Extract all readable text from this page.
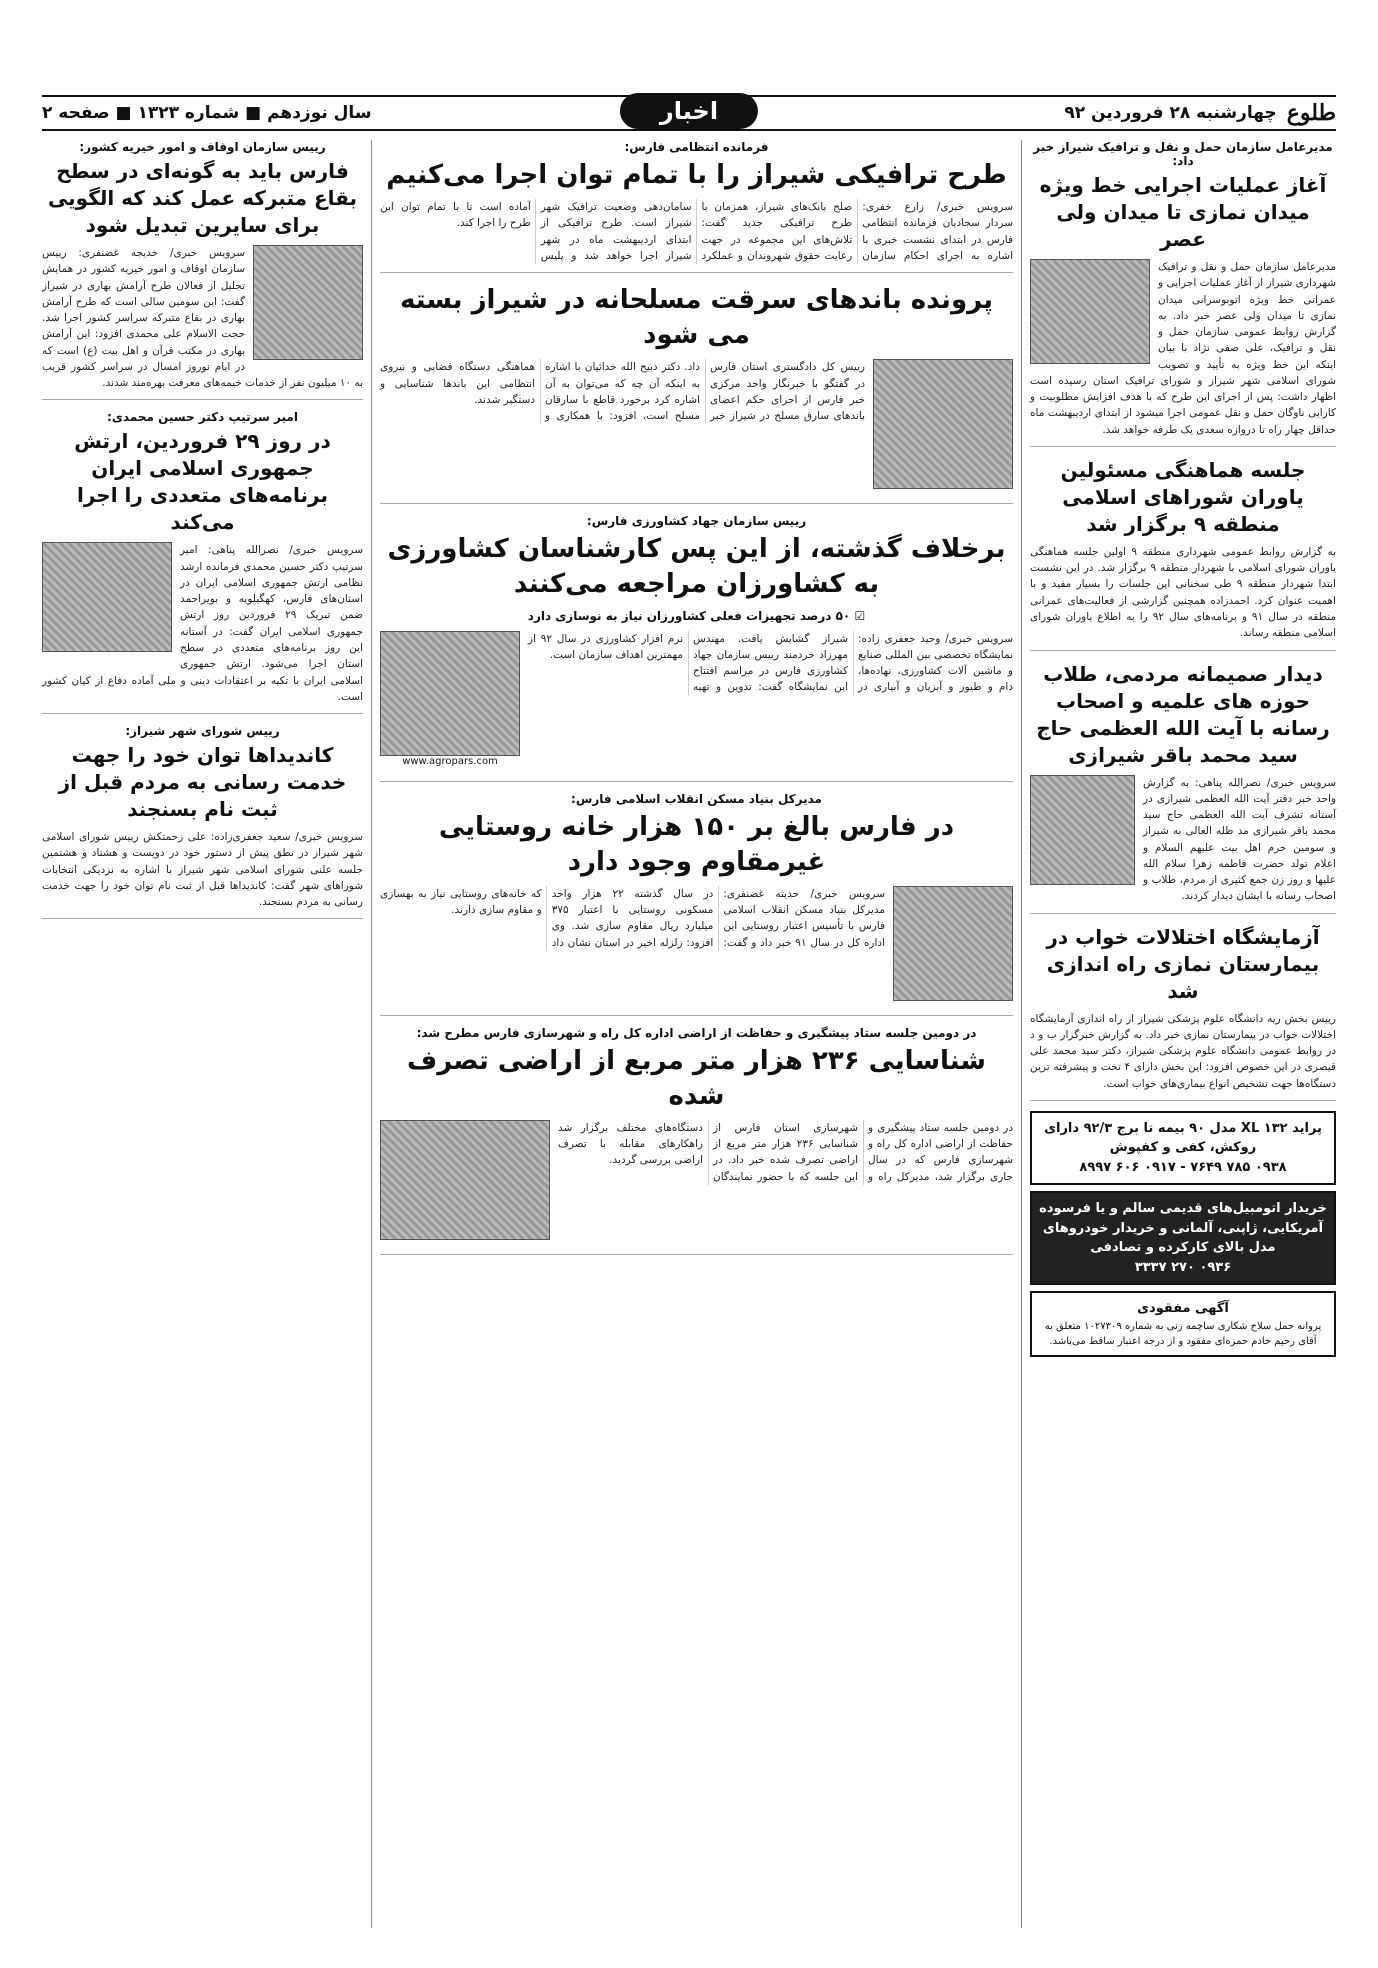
طلوع
چهارشنبه ۲۸ فروردین ۹۲
اخبار
سال نوزدهم ■ شماره ۱۳۲۳ ■ صفحه ۲
مدیرعامل سازمان حمل و نقل و ترافیک شیراز خبر داد:
آغاز عملیات اجرایی خط ویژه میدان نمازی تا میدان ولی عصر
مدیرعامل سازمان حمل و نقل و ترافیک شهرداری شیراز از آغاز عملیات اجرایی و عمرانی خط ویژه اتوبوسرانی میدان نمازی تا میدان ولی عصر خبر داد. به گزارش روابط عمومی سازمان حمل و نقل و ترافیک، علی صفی نژاد با بیان اینکه این خط ویژه به تأیید و تصویب شورای اسلامی شهر شیراز و شورای ترافیک استان رسیده است اظهار داشت: پس از اجرای این طرح که با هدف افزایش مطلوبیت و کارایی ناوگان حمل و نقل عمومی اجرا میشود از ابتدای اردیبهشت ماه حداقل چهار راه تا دروازه سعدی یک طرفه خواهد شد.
جلسه هماهنگی مسئولین یاوران شوراهای اسلامی منطقه ۹ برگزار شد
به گزارش روابط عمومی شهرداری منطقه ۹ اولین جلسه هماهنگی یاوران شورای اسلامی با شهردار منطقه ۹ برگزار شد. در این نشست ابتدا شهردار منطقه ۹ طی سخنانی این جلسات را بسیار مفید و با اهمیت عنوان کرد. احمدزاده همچنین گزارشی از فعالیت‌های عمرانی منطقه در سال ۹۱ و برنامه‌های سال ۹۲ را به اطلاع یاوران شورای اسلامی منطقه رساند.
دیدار صمیمانه مردمی، طلاب حوزه های علمیه و اصحاب رسانه با آیت الله العظمی حاج سید محمد باقر شیرازی
سرویس خبری/ نصرالله پناهی: به گزارش واحد خبر دفتر آیت الله العظمی شیرازی در آستانه تشرف آیت الله العظمی حاج سید محمد باقر شیرازی مد ظله العالی به شیراز و سومین حرم اهل بیت علیهم السلام و اعلام تولد حضرت فاطمه زهرا سلام الله علیها و روز زن جمع کثیری از مردم، طلاب و اصحاب رسانه با ایشان دیدار کردند.
آزمایشگاه اختلالات خواب در بیمارستان نمازی راه اندازی شد
رییس بخش ریه دانشگاه علوم پزشکی شیراز از راه اندازی آزمایشگاه اختلالات خواب در بیمارستان نمازی خبر داد. به گزارش خبرگزار ب و د در روابط عمومی دانشگاه علوم پزشکی شیراز، دکتر سید محمد علی قیصری در این خصوص افزود: این بخش دارای ۴ تخت و پیشرفته ترین دستگاه‌ها جهت تشخیص انواع بیماری‌های خواب است.
پراید ۱۳۲ XL مدل ۹۰ بیمه تا برج ۹۲/۳ دارای روکش، کفی و کفپوش
۰۹۳۸ ۷۸۵ ۷۶۴۹ - ۰۹۱۷ ۶۰۶ ۸۹۹۷
خریدار اتومبیل‌های قدیمی سالم و یا فرسوده آمریکایی، ژاپنی، آلمانی و خریدار خودروهای مدل بالای کارکرده و تصادفی
۰۹۳۶ ۲۷۰ ۳۳۳۷
آگهی مفقودی
پروانه حمل سلاح شکاری ساچمه زنی به شماره ۱۰۲۷۳۰۹ متعلق به آقای رحیم خادم حمزه‌ای مفقود و از درجه اعتبار ساقط می‌باشد.
فرمانده انتظامی فارس:
طرح ترافیکی شیراز را با تمام توان اجرا می‌کنیم
سرویس خبری/ زارع خفری: سردار سجادیان فرمانده انتظامی فارس در ابتدای نشست خبری با اشاره به اجرای احکام سازمان صلح بانک‌های شیراز، همزمان با طرح ترافیکی جدید گفت: تلاش‌های این مجموعه در جهت رعایت حقوق شهروندان و عملکرد سامان‌دهی وضعیت ترافیک شهر شیراز است. طرح ترافیکی از ابتدای اردیبهشت ماه در شهر شیراز اجرا خواهد شد و پلیس آماده است تا با تمام توان این طرح را اجرا کند.
پرونده باندهای سرقت مسلحانه در شیراز بسته می شود
رییس کل دادگستری استان فارس در گفتگو با خبرنگار واحد مرکزی خبر فارس از اجرای حکم اعضای باندهای سارق مسلح در شیراز خبر داد. دکتر ذبیح الله خدائیان با اشاره به اینکه آن چه که می‌توان به آن اشاره کرد برخورد قاطع با سارقان مسلح است، افزود: با همکاری و هماهنگی دستگاه قضایی و نیروی انتظامی این باندها شناسایی و دستگیر شدند.
رییس سازمان جهاد کشاورزی فارس:
برخلاف گذشته، از این پس کارشناسان کشاورزی به کشاورزان مراجعه می‌کنند
☑ ۵۰ درصد تجهیزات فعلی کشاورزان نیاز به نوسازی دارد
www.agropars.com
سرویس خبری/ وحید جعفری زاده: نمایشگاه تخصصی بین المللی صنایع و ماشین آلات کشاورزی، نهاده‌ها، دام و طیور و آبزیان و آبیاری در شیراز گشایش یافت. مهندس مهرزاد خردمند رییس سازمان جهاد کشاورزی فارس در مراسم افتتاح این نمایشگاه گفت: تدوین و تهیه نرم افزار کشاورزی در سال ۹۲ از مهمترین اهداف سازمان است.
مدیرکل بنیاد مسکن انقلاب اسلامی فارس:
در فارس بالغ بر ۱۵۰ هزار خانه روستایی غیرمقاوم وجود دارد
سرویس خبری/ حدیثه غضنفری: مدیرکل بنیاد مسکن انقلاب اسلامی فارس با تأسیس اعتبار روستایی این اداره کل در سال ۹۱ خبر داد و گفت: در سال گذشته ۲۲ هزار واحد مسکونی روستایی با اعتبار ۳۷۵ میلیارد ریال مقاوم سازی شد. وی افزود: زلزله اخیر در استان نشان داد که خانه‌های روستایی نیاز به بهسازی و مقاوم سازی دارند.
در دومین جلسه ستاد پیشگیری و حفاظت از اراضی اداره کل راه و شهرسازی فارس مطرح شد:
شناسایی ۲۳۶ هزار متر مربع از اراضی تصرف شده
در دومین جلسه ستاد پیشگیری و حفاظت از اراضی اداره کل راه و شهرسازی فارس که در سال جاری برگزار شد، مدیرکل راه و شهرسازی استان فارس از شناسایی ۲۳۶ هزار متر مربع از اراضی تصرف شده خبر داد. در این جلسه که با حضور نمایندگان دستگاه‌های مختلف برگزار شد راهکارهای مقابله با تصرف اراضی بررسی گردید.
رییس سازمان اوقاف و امور خیریه کشور:
فارس باید به گونه‌ای در سطح بقاع متبرکه عمل کند که الگویی برای سایرین تبدیل شود
سرویس خبری/ خدیجه غضنفری: رییس سازمان اوقاف و امور خیریه کشور در همایش تجلیل از فعالان طرح آرامش بهاری در شیراز گفت: این سومین سالی است که طرح آرامش بهاری در بقاع متبرکه سراسر کشور اجرا شد. حجت الاسلام علی محمدی افزود: این آرامش بهاری در مکتب قرآن و اهل بیت (ع) است که در ایام نوروز امسال در سراسر کشور قریب به ۱۰ میلیون نفر از خدمات خیمه‌های معرفت بهره‌مند شدند.
امیر سرتیپ دکتر حسین محمدی:
در روز ۲۹ فروردین، ارتش جمهوری اسلامی ایران برنامه‌های متعددی را اجرا می‌کند
سرویس خبری/ نصرالله پناهی: امیر سرتیپ دکتر حسین محمدی فرمانده ارشد نظامی ارتش جمهوری اسلامی ایران در استان‌های فارس، کهگیلویه و بویراحمد ضمن تبریک ۲۹ فروردین روز ارتش جمهوری اسلامی ایران گفت: در آستانه این روز برنامه‌های متعددی در سطح استان اجرا می‌شود. ارتش جمهوری اسلامی ایران با تکیه بر اعتقادات دینی و ملی آماده دفاع از کیان کشور است.
رییس شورای شهر شیراز:
کاندیداها توان خود را جهت خدمت رسانی به مردم قبل از ثبت نام بسنجند
سرویس خبری/ سعید جعفری‌زاده: علی زحمتکش رییس شورای اسلامی شهر شیراز در نطق پیش از دستور خود در دویست و هشتاد و هشتمین جلسه علنی شورای اسلامی شهر شیراز با اشاره به نزدیکی انتخابات شوراهای شهر گفت: کاندیداها قبل از ثبت نام توان خود را جهت خدمت رسانی به مردم بسنجند.
